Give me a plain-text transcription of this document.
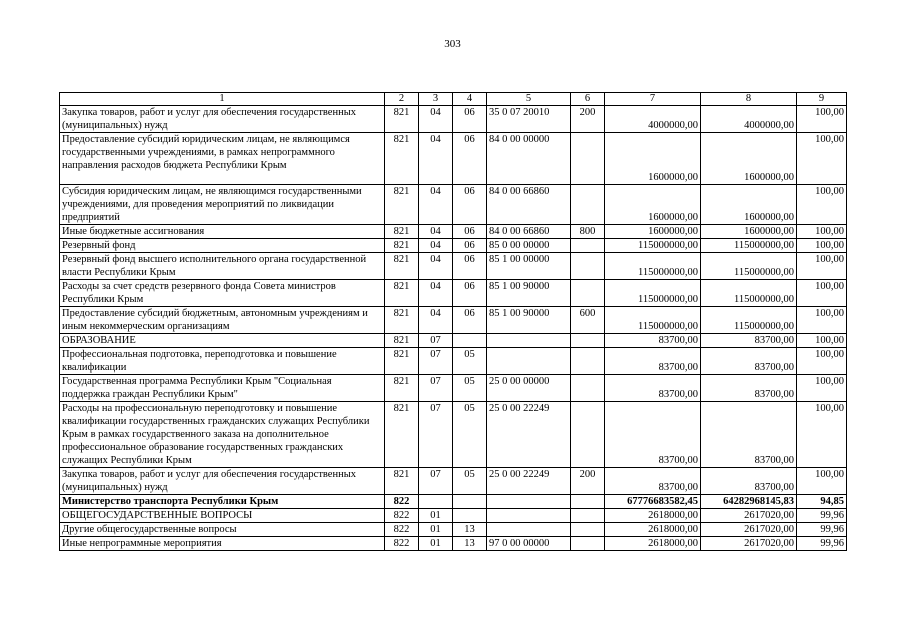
303
1	2	3	4	5	6	7	8	9
Закупка товаров, работ и услуг для обеспечения государственных (муниципальных) нужд	821	04	06	35 0 07 20010	200	4000000,00	4000000,00	100,00
Предоставление субсидий юридическим лицам, не являющимся государственными учреждениями, в рамках непрограммного направления расходов бюджета Республики Крым	821	04	06	84 0 00 00000		1600000,00	1600000,00	100,00
Субсидия юридическим лицам, не являющимся государственными учреждениями, для проведения мероприятий по ликвидации предприятий	821	04	06	84 0 00 66860		1600000,00	1600000,00	100,00
Иные бюджетные ассигнования	821	04	06	84 0 00 66860	800	1600000,00	1600000,00	100,00
Резервный фонд	821	04	06	85 0 00 00000		115000000,00	115000000,00	100,00
Резервный фонд высшего исполнительного органа государственной власти Республики Крым	821	04	06	85 1 00 00000		115000000,00	115000000,00	100,00
Расходы за счет средств резервного фонда Совета министров Республики Крым	821	04	06	85 1 00 90000		115000000,00	115000000,00	100,00
Предоставление субсидий бюджетным, автономным учреждениям и иным некоммерческим организациям	821	04	06	85 1 00 90000	600	115000000,00	115000000,00	100,00
ОБРАЗОВАНИЕ	821	07				83700,00	83700,00	100,00
Профессиональная подготовка, переподготовка и повышение квалификации	821	07	05			83700,00	83700,00	100,00
Государственная программа Республики Крым "Социальная поддержка граждан Республики Крым"	821	07	05	25 0 00 00000		83700,00	83700,00	100,00
Расходы на профессиональную переподготовку и повышение квалификации государственных гражданских служащих Республики Крым в рамках государственного заказа на дополнительное профессиональное образование государственных гражданских служащих Республики Крым	821	07	05	25 0 00 22249		83700,00	83700,00	100,00
Закупка товаров, работ и услуг для обеспечения государственных (муниципальных) нужд	821	07	05	25 0 00 22249	200	83700,00	83700,00	100,00
Министерство транспорта Республики Крым	822					67776683582,45	64282968145,83	94,85
ОБЩЕГОСУДАРСТВЕННЫЕ ВОПРОСЫ	822	01				2618000,00	2617020,00	99,96
Другие общегосударственные вопросы	822	01	13			2618000,00	2617020,00	99,96
Иные непрограммные мероприятия	822	01	13	97 0 00 00000		2618000,00	2617020,00	99,96
